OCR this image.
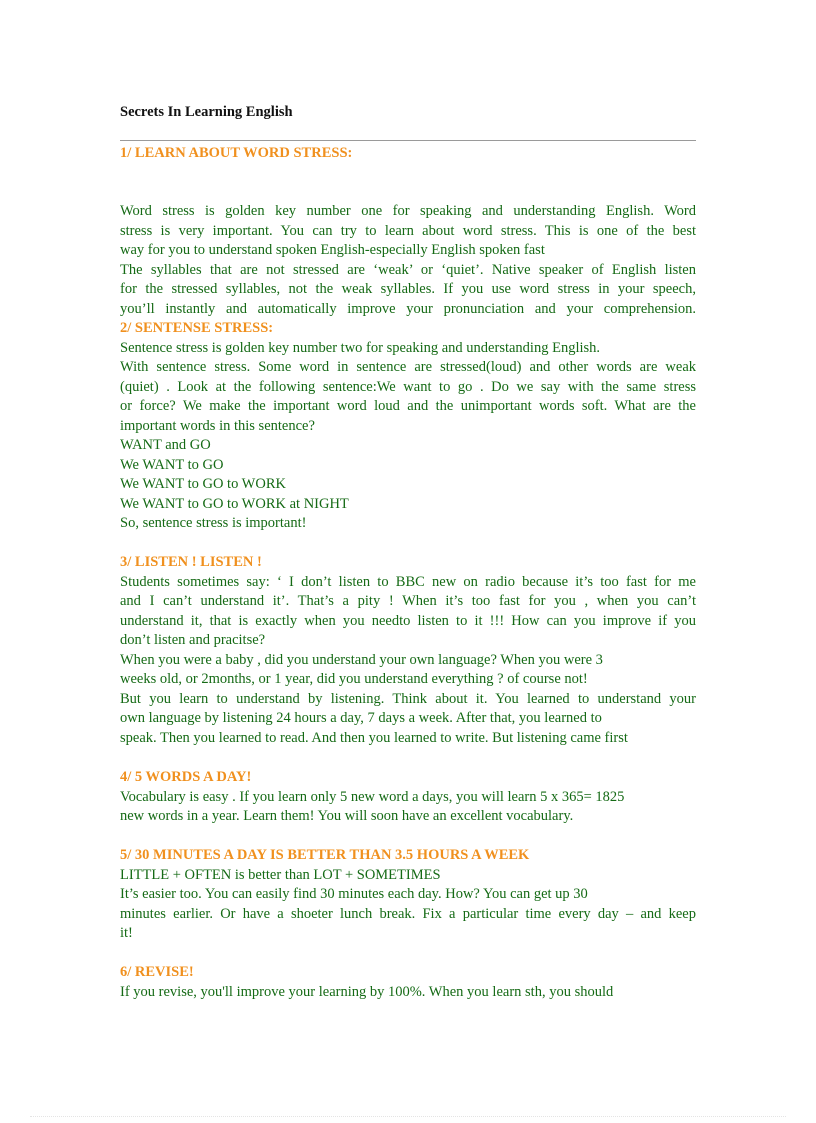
Secrets In Learning English
1/ LEARN ABOUT WORD STRESS:
Word stress is golden key number one for speaking and understanding English. Word
stress is very important. You can try to learn about word stress. This is one of the best
way for you to understand spoken English-especially English spoken fast
The syllables that are not stressed are ‘weak’ or ‘quiet’. Native speaker of English listen
for the stressed syllables, not the weak syllables. If you use word stress in your speech,
you’ll instantly and automatically improve your pronunciation and your comprehension.
2/ SENTENSE STRESS:
Sentence stress is golden key number two for speaking and understanding English.
With sentence stress. Some word in sentence are stressed(loud) and other words are weak
(quiet) . Look at the following sentence:We want to go . Do we say with the same stress
or force? We make the important word loud and the unimportant words soft. What are the
important words in this sentence?
WANT and GO
We WANT to GO
We WANT to GO to WORK
We WANT to GO to WORK at NIGHT
So, sentence stress is important!
3/ LISTEN ! LISTEN !
Students sometimes say: ‘ I don’t listen to BBC new on radio because it’s too fast for me
and I can’t understand it’. That’s a pity ! When it’s too fast for you , when you can’t
understand it, that is exactly when you needto listen to it !!! How can you improve if you
don’t listen and pracitse?
When you were a baby , did you understand your own language? When you were 3
weeks old, or 2months, or 1 year, did you understand everything ? of course not!
But you learn to understand by listening. Think about it. You learned to understand your
own language by listening 24 hours a day, 7 days a week. After that, you learned to
speak. Then you learned to read. And then you learned to write. But listening came first
4/ 5 WORDS A DAY!
Vocabulary is easy . If you learn only 5 new word a days, you will learn 5 x 365= 1825
new words in a year. Learn them! You will soon have an excellent vocabulary.
5/ 30 MINUTES A DAY IS BETTER THAN 3.5 HOURS A WEEK
LITTLE + OFTEN is better than LOT + SOMETIMES
It’s easier too. You can easily find 30 minutes each day. How? You can get up 30
minutes earlier. Or have a shoeter lunch break. Fix a particular time every day – and keep
it!
6/ REVISE!
If you revise, you'll improve your learning by 100%. When you learn sth, you should
